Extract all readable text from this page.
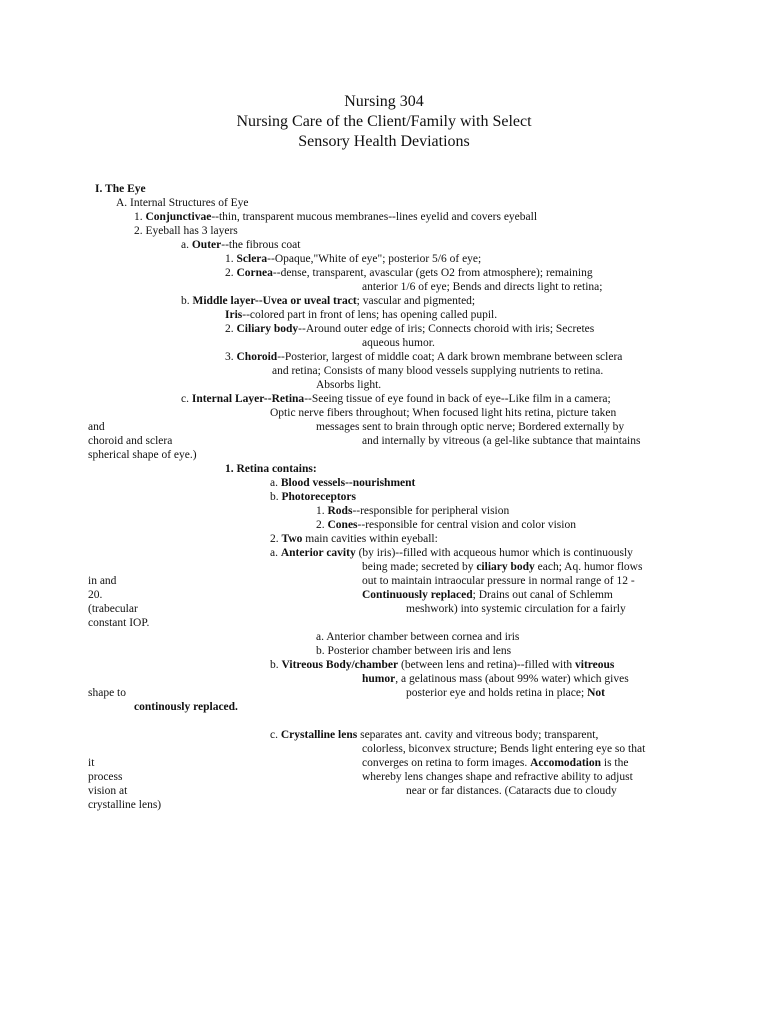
Nursing 304
Nursing Care of the Client/Family with Select
Sensory Health Deviations
I. The Eye
A. Internal Structures of Eye
1. Conjunctivae--thin, transparent mucous membranes--lines eyelid and covers eyeball
2. Eyeball has 3 layers
a. Outer--the fibrous coat
1. Sclera--Opaque,"White of eye"; posterior 5/6 of eye;
2. Cornea--dense, transparent, avascular (gets O2 from atmosphere); remaining
anterior 1/6 of eye; Bends and directs light to retina;
b. Middle layer--Uvea or uveal tract; vascular and pigmented;
Iris--colored part in front of lens; has opening called pupil.
2. Ciliary body--Around outer edge of iris; Connects choroid with iris; Secretes
aqueous humor.
3. Choroid--Posterior, largest of middle coat; A dark brown membrane between sclera
and retina; Consists of many blood vessels supplying nutrients to retina.
Absorbs light.
c. Internal Layer--Retina--Seeing tissue of eye found in back of eye--Like film in a camera;
Optic nerve fibers throughout; When focused light hits retina, picture taken
and	messages sent to brain through optic nerve; Bordered externally by
choroid and sclera	and internally by vitreous (a gel-like subtance that maintains
spherical shape of eye.)
1. Retina contains:
a. Blood vessels--nourishment
b. Photoreceptors
1. Rods--responsible for peripheral vision
2. Cones--responsible for central vision and color vision
2. Two main cavities within eyeball:
a. Anterior cavity (by iris)--filled with acqueous humor which is continuously
being made; secreted by ciliary body each; Aq. humor flows
in and	out to maintain intraocular pressure in normal range of 12 -
20.	Continuously replaced; Drains out canal of Schlemm
(trabecular	meshwork) into systemic circulation for a fairly
constant IOP.
a. Anterior chamber between cornea and iris
b. Posterior chamber between iris and lens
b. Vitreous Body/chamber (between lens and retina)--filled with vitreous
humor, a gelatinous mass (about 99% water) which gives
shape to	posterior eye and holds retina in place; Not
continously replaced.
c. Crystalline lens separates ant. cavity and vitreous body; transparent,
colorless, biconvex structure; Bends light entering eye so that
it	converges on retina to form images. Accomodation is the
process	whereby lens changes shape and refractive ability to adjust
vision at	near or far distances. (Cataracts due to cloudy
crystalline lens)
